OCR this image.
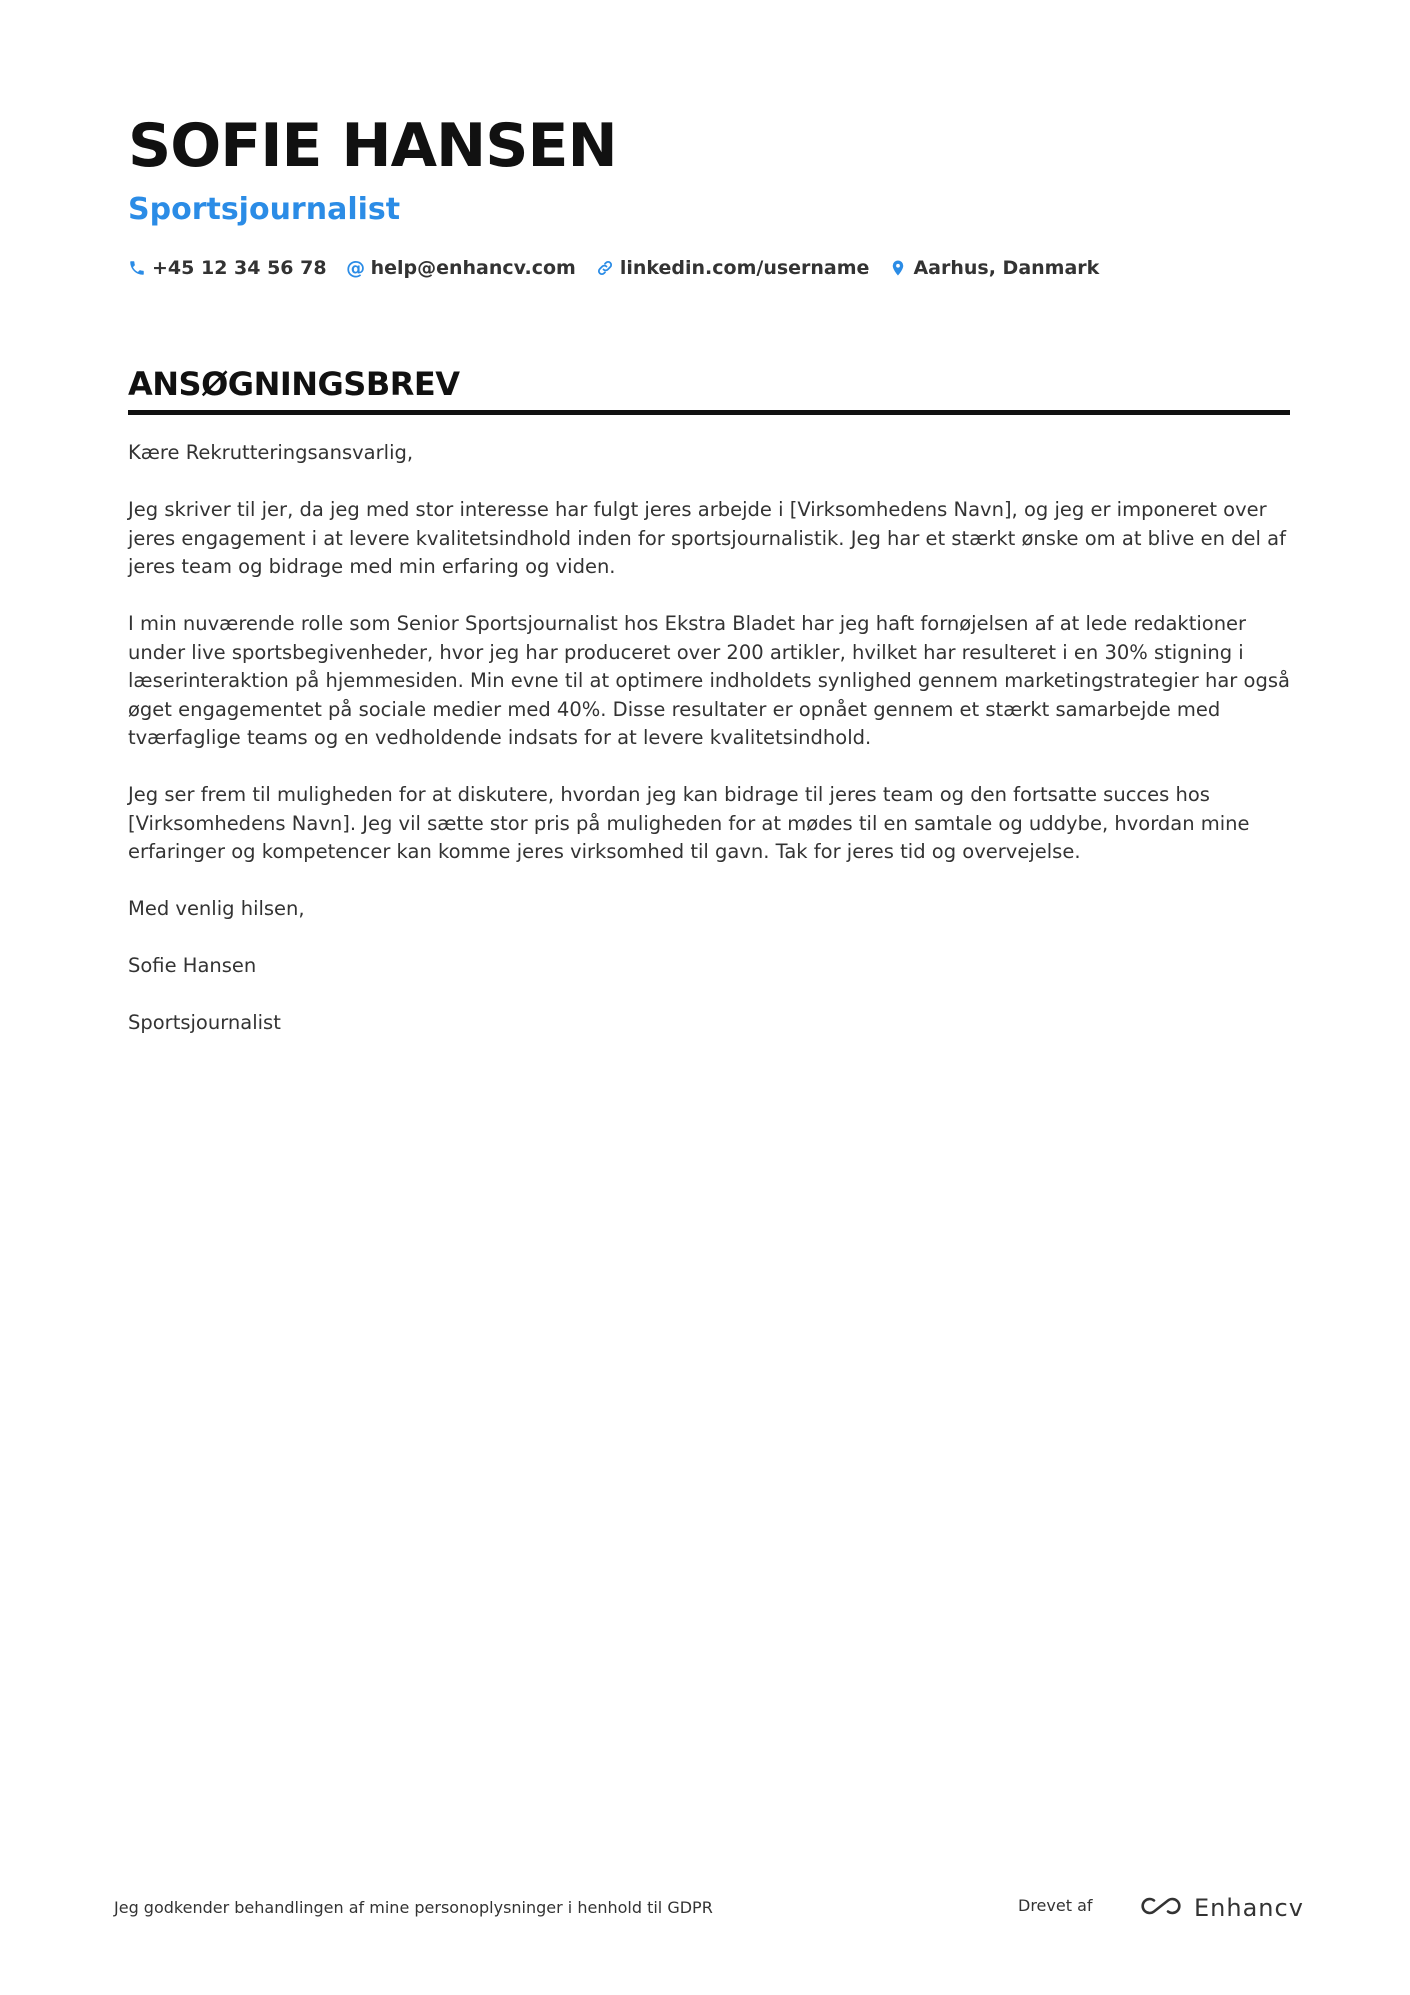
SOFIE HANSEN
Sportsjournalist
+45 12 34 56 78 @ help@enhancv.com linkedin.com/username Aarhus, Danmark
ANSØGNINGSBREV

Kære Rekrutteringsansvarlig,

Jeg skriver til jer, da jeg med stor interesse har fulgt jeres arbejde i [Virksomhedens Navn], og jeg er imponeret over jeres engagement i at levere kvalitetsindhold inden for sportsjournalistik. Jeg har et stærkt ønske om at blive en del af jeres team og bidrage med min erfaring og viden.

I min nuværende rolle som Senior Sportsjournalist hos Ekstra Bladet har jeg haft fornøjelsen af at lede redaktioner under live sportsbegivenheder, hvor jeg har produceret over 200 artikler, hvilket har resulteret i en 30% stigning i læserinteraktion på hjemmesiden. Min evne til at optimere indholdets synlighed gennem marketingstrategier har også øget engagementet på sociale medier med 40%. Disse resultater er opnået gennem et stærkt samarbejde med tværfaglige teams og en vedholdende indsats for at levere kvalitetsindhold.

Jeg ser frem til muligheden for at diskutere, hvordan jeg kan bidrage til jeres team og den fortsatte succes hos [Virksomhedens Navn]. Jeg vil sætte stor pris på muligheden for at mødes til en samtale og uddybe, hvordan mine erfaringer og kompetencer kan komme jeres virksomhed til gavn. Tak for jeres tid og overvejelse.

Med venlig hilsen,

Sofie Hansen

Sportsjournalist

Jeg godkender behandlingen af mine personoplysninger i henhold til GDPR	Drevet af	Enhancv
